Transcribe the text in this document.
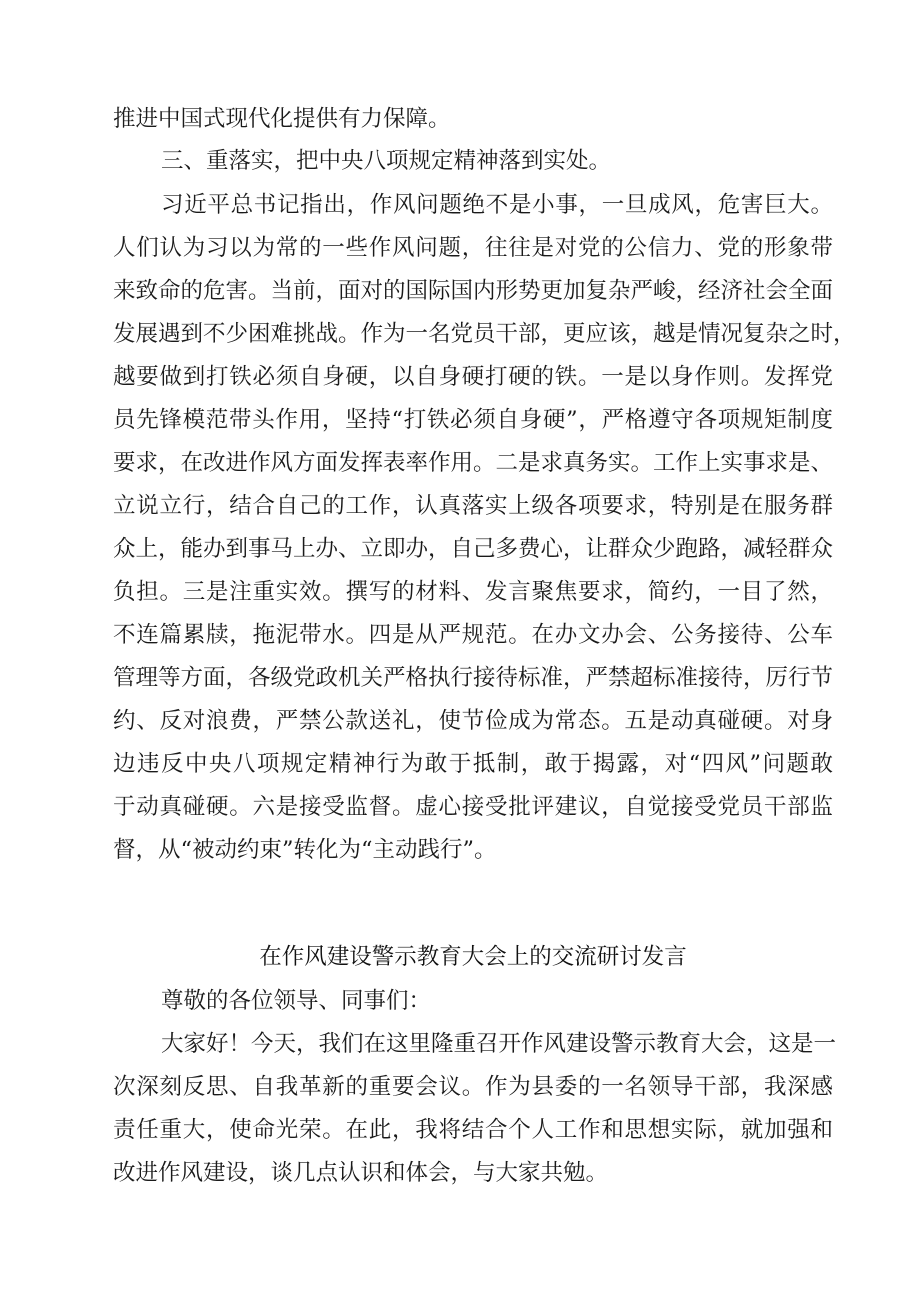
推进中国式现代化提供有力保障。
三、重落实，把中央八项规定精神落到实处。
习近平总书记指出，作风问题绝不是小事，一旦成风，危害巨大。
人们认为习以为常的一些作风问题，往往是对党的公信力、党的形象带
来致命的危害。当前，面对的国际国内形势更加复杂严峻，经济社会全面
发展遇到不少困难挑战。作为一名党员干部，更应该，越是情况复杂之时，
越要做到打铁必须自身硬，以自身硬打硬的铁。一是以身作则。发挥党
员先锋模范带头作用，坚持“打铁必须自身硬”，严格遵守各项规矩制度
要求，在改进作风方面发挥表率作用。二是求真务实。工作上实事求是、
立说立行，结合自己的工作，认真落实上级各项要求，特别是在服务群
众上，能办到事马上办、立即办，自己多费心，让群众少跑路，减轻群众
负担。三是注重实效。撰写的材料、发言聚焦要求，简约，一目了然，
不连篇累牍，拖泥带水。四是从严规范。在办文办会、公务接待、公车
管理等方面，各级党政机关严格执行接待标准，严禁超标准接待，厉行节
约、反对浪费，严禁公款送礼，使节俭成为常态。五是动真碰硬。对身
边违反中央八项规定精神行为敢于抵制，敢于揭露，对“四风”问题敢
于动真碰硬。六是接受监督。虚心接受批评建议，自觉接受党员干部监
督，从“被动约束”转化为“主动践行”。
在作风建设警示教育大会上的交流研讨发言
尊敬的各位领导、同事们：
大家好！今天，我们在这里隆重召开作风建设警示教育大会，这是一
次深刻反思、自我革新的重要会议。作为县委的一名领导干部，我深感
责任重大，使命光荣。在此，我将结合个人工作和思想实际，就加强和
改进作风建设，谈几点认识和体会，与大家共勉。
